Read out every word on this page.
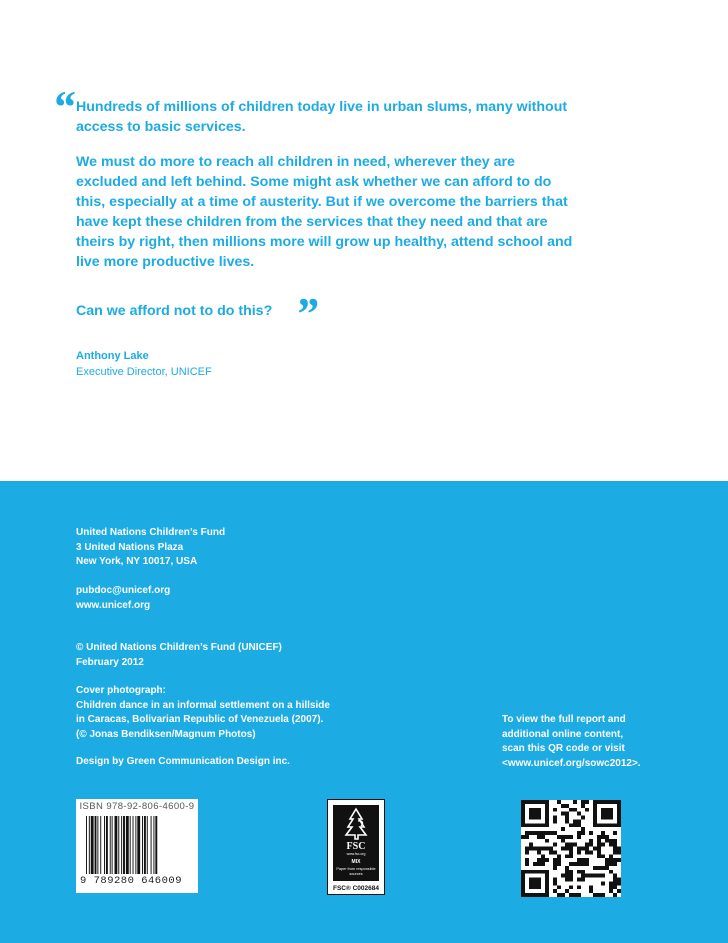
“ Hundreds of millions of children today live in urban slums, many without access to basic services.

We must do more to reach all children in need, wherever they are excluded and left behind. Some might ask whether we can afford to do this, especially at a time of austerity. But if we overcome the barriers that have kept these children from the services that they need and that are theirs by right, then millions more will grow up healthy, attend school and live more productive lives.

Can we afford not to do this? ”
Anthony Lake
Executive Director, UNICEF
United Nations Children’s Fund
3 United Nations Plaza
New York, NY 10017, USA
pubdoc@unicef.org
www.unicef.org
© United Nations Children’s Fund (UNICEF)
February 2012
Cover photograph:
Children dance in an informal settlement on a hillside
in Caracas, Bolivarian Republic of Venezuela (2007).
(© Jonas Bendiksen/Magnum Photos)
Design by Green Communication Design inc.
To view the full report and
additional online content,
scan this QR code or visit
<www.unicef.org/sowc2012>.
ISBN 978-92-806-4600-9
9 789280 646009
FSC
www.fsc.org
MIX
Paper from responsible sources
FSC® C002684
